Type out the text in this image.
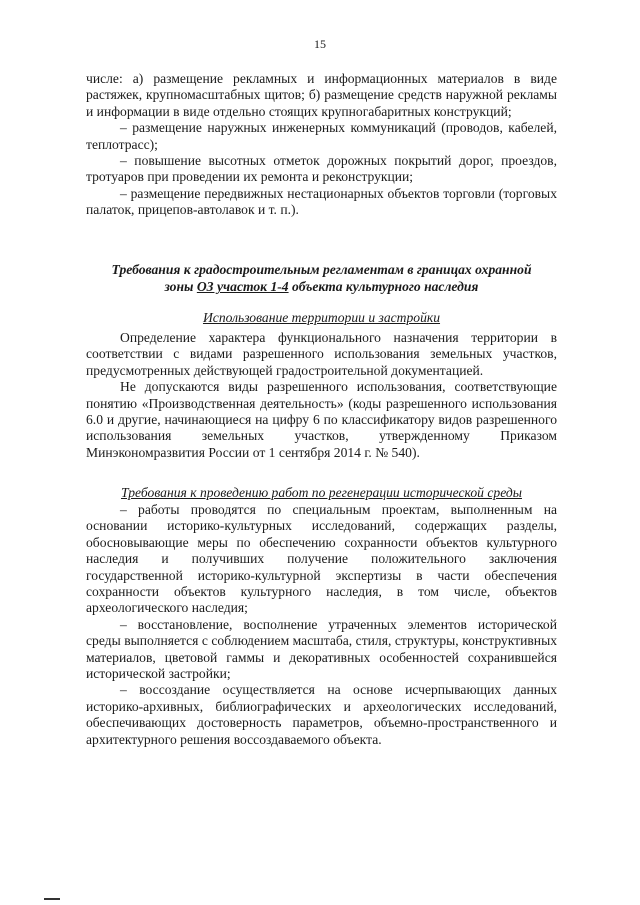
15

числе: а) размещение рекламных и информационных материалов в виде растяжек, крупномасштабных щитов; б) размещение средств наружной рекламы и информации в виде отдельно стоящих крупногабаритных конструкций;

– размещение наружных инженерных коммуникаций (проводов, кабелей, теплотрасс);

– повышение высотных отметок дорожных покрытий дорог, проездов, тротуаров при проведении их ремонта и реконструкции;

– размещение передвижных нестационарных объектов торговли (торговых палаток, прицепов-автолавок и т. п.).

Требования к градостроительным регламентам в границах охранной
зоны ОЗ участок 1-4 объекта культурного наследия
Использование территории и застройки

Определение характера функционального назначения территории в соответствии с видами разрешенного использования земельных участков, предусмотренных действующей градостроительной документацией.

Не допускаются виды разрешенного использования, соответствующие понятию «Производственная деятельность» (коды разрешенного использования 6.0 и другие, начинающиеся на цифру 6 по классификатору видов разрешенного использования земельных участков, утвержденному Приказом Минэкономразвития России от 1 сентября 2014 г. № 540).

Требования к проведению работ по регенерации исторической среды

– работы проводятся по специальным проектам, выполненным на основании историко-культурных исследований, содержащих разделы, обосновывающие меры по обеспечению сохранности объектов культурного наследия и получивших получение положительного заключения государственной историко-культурной экспертизы в части обеспечения сохранности объектов культурного наследия, в том числе, объектов археологического наследия;

– восстановление, восполнение утраченных элементов исторической среды выполняется с соблюдением масштаба, стиля, структуры, конструктивных материалов, цветовой гаммы и декоративных особенностей сохранившейся исторической застройки;

– воссоздание осуществляется на основе исчерпывающих данных историко-архивных, библиографических и археологических исследований, обеспечивающих достоверность параметров, объемно-пространственного и архитектурного решения воссоздаваемого объекта.
